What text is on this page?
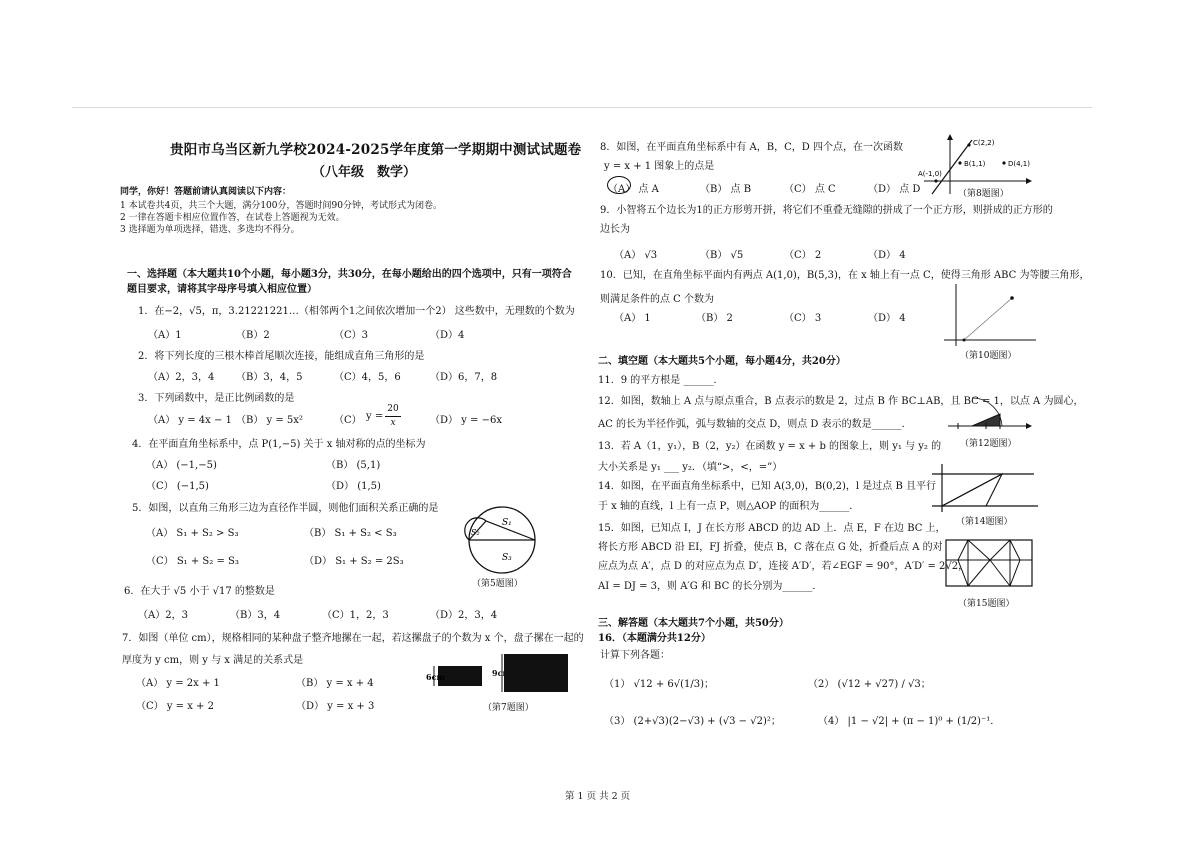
贵阳市乌当区新九学校2024-2025学年度第一学期期中测试试题卷
（八年级　数学）
同学，你好！答题前请认真阅读以下内容：
1 本试卷共4页，共三个大题，满分100分，答题时间90分钟，考试形式为闭卷。
2 一律在答题卡相应位置作答，在试卷上答题视为无效。
3 选择题为单项选择，错选、多选均不得分。
一、选择题（本大题共10个小题，每小题3分，共30分，在每小题给出的四个选项中，只有一项符合
题目要求，请将其字母序号填入相应位置）
1．在−2，√5，π，3.21221221…（相邻两个1之间依次增加一个2） 这些数中，无理数的个数为
（A）1	（B）2	（C）3	（D）4
2．将下列长度的三根木棒首尾顺次连接，能组成直角三角形的是
（A）2，3，4 （B）3，4，5	（C）4，5，6	（D）6，7，8
3．下列函数中，是正比例函数的是
（A） y = 4x − 1 （B） y = 5x²	（C） y =
20
x	（D） y = −6x
4．在平面直角坐标系中，点 P(1,−5) 关于 x 轴对称的点的坐标为
（A） (−1,−5)	（B） (5,1)
（C） (−1,5)	（D） (1,5)
5．如图，以直角三角形三边为直径作半圆，则他们面积关系正确的是
（A） S₁ + S₂ > S₃	（B） S₁ + S₂ < S₃
（C） S₁ + S₂ = S₃	（D） S₁ + S₂ = 2S₃
S₁
S₂
S₃
（第5题图）
6．在大于 √5 小于 √17 的整数是
（A）2，3	（B）3，4	（C）1，2，3	（D）2，3，4
7．如图（单位 cm），规格相同的某种盘子整齐地摞在一起，若这摞盘子的个数为 x 个，盘子摞在一起的
厚度为 y cm，则 y 与 x 满足的关系式是
（A） y = 2x + 1	（B） y = x + 4
（C） y = x + 2	（D） y = x + 3
6cm	9cm
（第7题图）
第 1 页 共 2 页
8．如图，在平面直角坐标系中有 A，B，C，D 四个点，在一次函数
y = x + 1 图象上的点是
（A） 点 A	（B） 点 B	（C） 点 C	（D） 点 D
C(2,2)
B(1,1)
A(-1,0)
D(4,1)
（第8题图）
9．小智将五个边长为1的正方形剪开拼，将它们不重叠无缝隙的拼成了一个正方形，则拼成的正方形的
边长为
（A） √3	（B） √5	（C） 2	（D） 4
10．已知，在直角坐标平面内有两点 A(1,0)，B(5,3)，在 x 轴上有一点 C，使得三角形 ABC 为等腰三角形，
则满足条件的点 C 个数为
（A） 1	（B） 2	（C） 3	（D） 4
（第10题图）
二、填空题（本大题共5个小题，每小题4分，共20分）
11．9 的平方根是 ______．
12．如图，数轴上 A 点与原点重合，B 点表示的数是 2，过点 B 作 BC⊥AB，且 BC = 1，以点 A 为圆心，
AC 的长为半径作弧，弧与数轴的交点 D，则点 D 表示的数是______．
（第12题图）
13．若 A（1，y₁），B（2，y₂）在函数 y = x + b 的图象上，则 y₁ 与 y₂ 的
大小关系是 y₁ ___ y₂．（填“>，<，=”）
14．如图，在平面直角坐标系中，已知 A(3,0)，B(0,2)，l 是过点 B 且平行
于 x 轴的直线，l 上有一点 P，则△AOP 的面积为______．
（第14题图）
15．如图，已知点 I，J 在长方形 ABCD 的边 AD 上．点 E，F 在边 BC 上，
将长方形 ABCD 沿 EI，FJ 折叠，使点 B，C 落在点 G 处，折叠后点 A 的对
应点为点 A′，点 D 的对应点为点 D′，连接 A′D′，若∠EGF = 90°，A′D′ = 2√2，
AI = DJ = 3，则 A′G 和 BC 的长分别为______．
（第15题图）
三、解答题（本大题共7个小题，共50分）
16．（本题满分共12分）
计算下列各题：
（1） √12 + 6√(1/3)；	（2） (√12 + √27) / √3；
（3） (2+√3)(2−√3) + (√3 − √2)²；	（4） |1 − √2| + (π − 1)⁰ + (1/2)⁻¹．
